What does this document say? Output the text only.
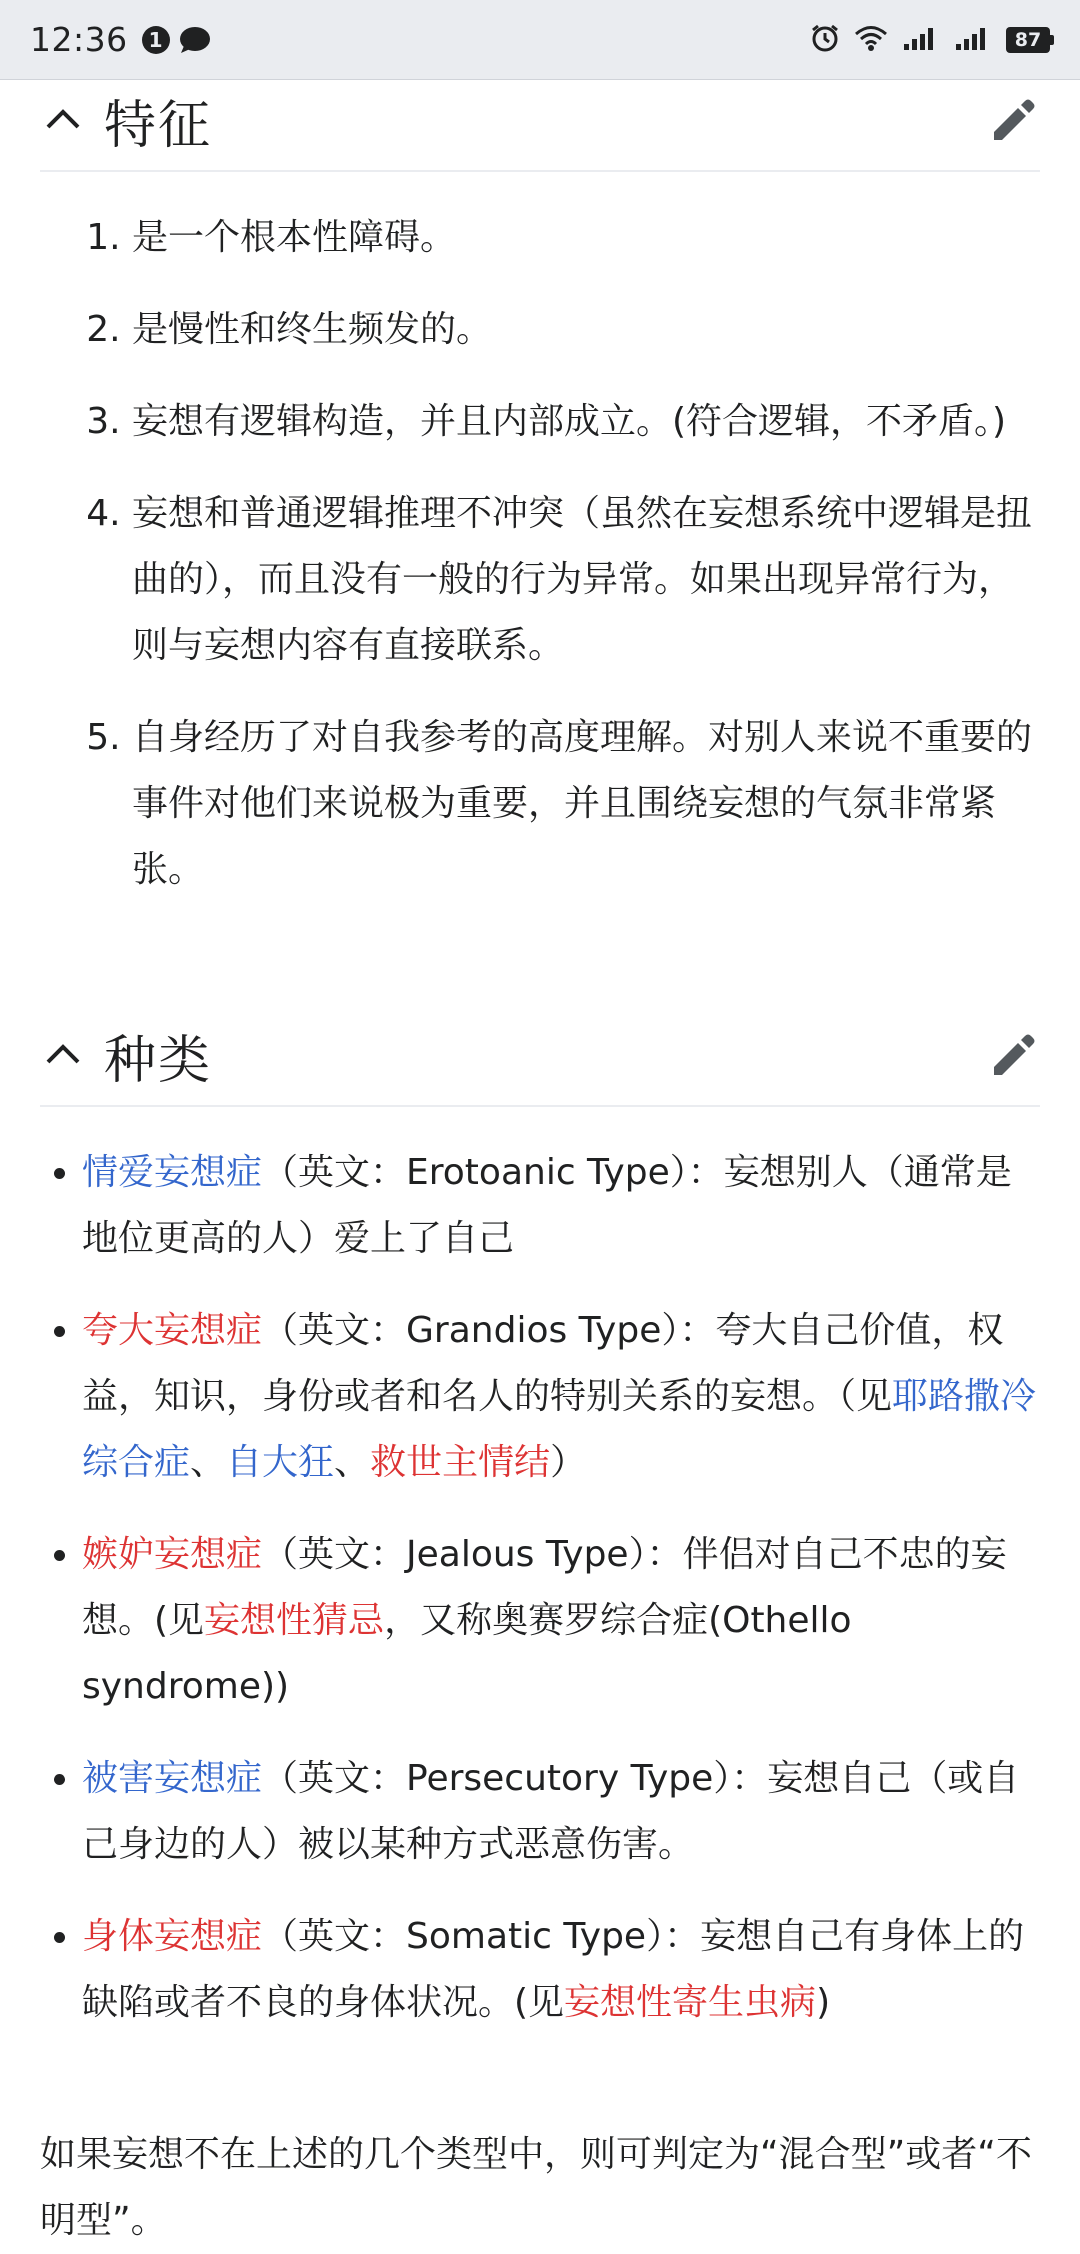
12:36	1	87
特征
1. 是一个根本性障碍。
2. 是慢性和终生频发的。
3. 妄想有逻辑构造，并且内部成立。(符合逻辑，不矛盾。)
4. 妄想和普通逻辑推理不冲突（虽然在妄想系统中逻辑是扭曲的），而且没有一般的行为异常。如果出现异常行为，则与妄想内容有直接联系。
5. 自身经历了对自我参考的高度理解。对别人来说不重要的事件对他们来说极为重要，并且围绕妄想的气氛非常紧张。
种类
• 情爱妄想症（英文：Erotoanic Type）：妄想别人（通常是地位更高的人）爱上了自己
• 夸大妄想症（英文：Grandios Type）：夸大自己价值，权益，知识，身份或者和名人的特别关系的妄想。（见耶路撒冷综合症、自大狂、救世主情结）
• 嫉妒妄想症（英文：Jealous Type）：伴侣对自己不忠的妄想。(见妄想性猜忌，又称奥赛罗综合症(Othello syndrome))
• 被害妄想症（英文：Persecutory Type）：妄想自己（或自己身边的人）被以某种方式恶意伤害。
• 身体妄想症（英文：Somatic Type）：妄想自己有身体上的缺陷或者不良的身体状况。(见妄想性寄生虫病)

如果妄想不在上述的几个类型中，则可判定为“混合型”或者“不明型”。
